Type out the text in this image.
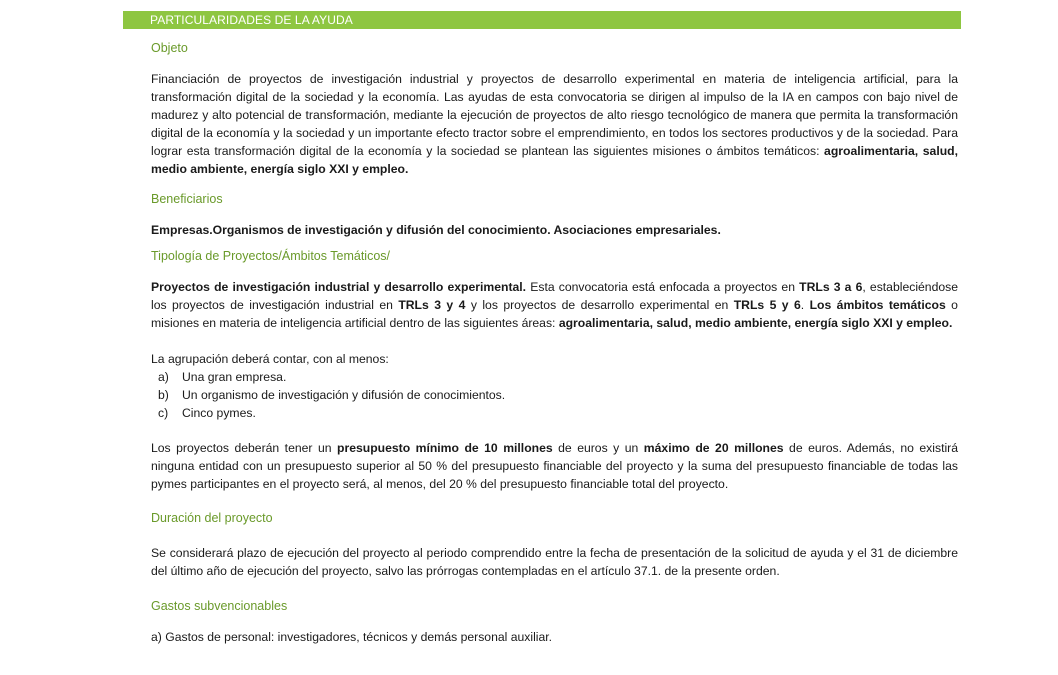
PARTICULARIDADES DE LA AYUDA
Objeto
Financiación de proyectos de investigación industrial y proyectos de desarrollo experimental en materia de inteligencia artificial, para la transformación digital de la sociedad y la economía. Las ayudas de esta convocatoria se dirigen al impulso de la IA en campos con bajo nivel de madurez y alto potencial de transformación, mediante la ejecución de proyectos de alto riesgo tecnológico de manera que permita la transformación digital de la economía y la sociedad y un importante efecto tractor sobre el emprendimiento, en todos los sectores productivos y de la sociedad. Para lograr esta transformación digital de la economía y la sociedad se plantean las siguientes misiones o ámbitos temáticos: agroalimentaria, salud, medio ambiente, energía siglo XXI y empleo.
Beneficiarios
Empresas.Organismos de investigación y difusión del conocimiento. Asociaciones empresariales.
Tipología de Proyectos/Ámbitos Temáticos/
Proyectos de investigación industrial y desarrollo experimental. Esta convocatoria está enfocada a proyectos en TRLs 3 a 6, estableciéndose los proyectos de investigación industrial en TRLs 3 y 4 y los proyectos de desarrollo experimental en TRLs 5 y 6. Los ámbitos temáticos o misiones en materia de inteligencia artificial dentro de las siguientes áreas: agroalimentaria, salud, medio ambiente, energía siglo XXI y empleo.
La agrupación deberá contar, con al menos:
a)	Una gran empresa.
b)	Un organismo de investigación y difusión de conocimientos.
c)	Cinco pymes.
Los proyectos deberán tener un presupuesto mínimo de 10 millones de euros y un máximo de 20 millones de euros. Además, no existirá ninguna entidad con un presupuesto superior al 50 % del presupuesto financiable del proyecto y la suma del presupuesto financiable de todas las pymes participantes en el proyecto será, al menos, del 20 % del presupuesto financiable total del proyecto.
Duración del proyecto
Se considerará plazo de ejecución del proyecto al periodo comprendido entre la fecha de presentación de la solicitud de ayuda y el 31 de diciembre del último año de ejecución del proyecto, salvo las prórrogas contempladas en el artículo 37.1. de la presente orden.
Gastos subvencionables
a) Gastos de personal: investigadores, técnicos y demás personal auxiliar.
